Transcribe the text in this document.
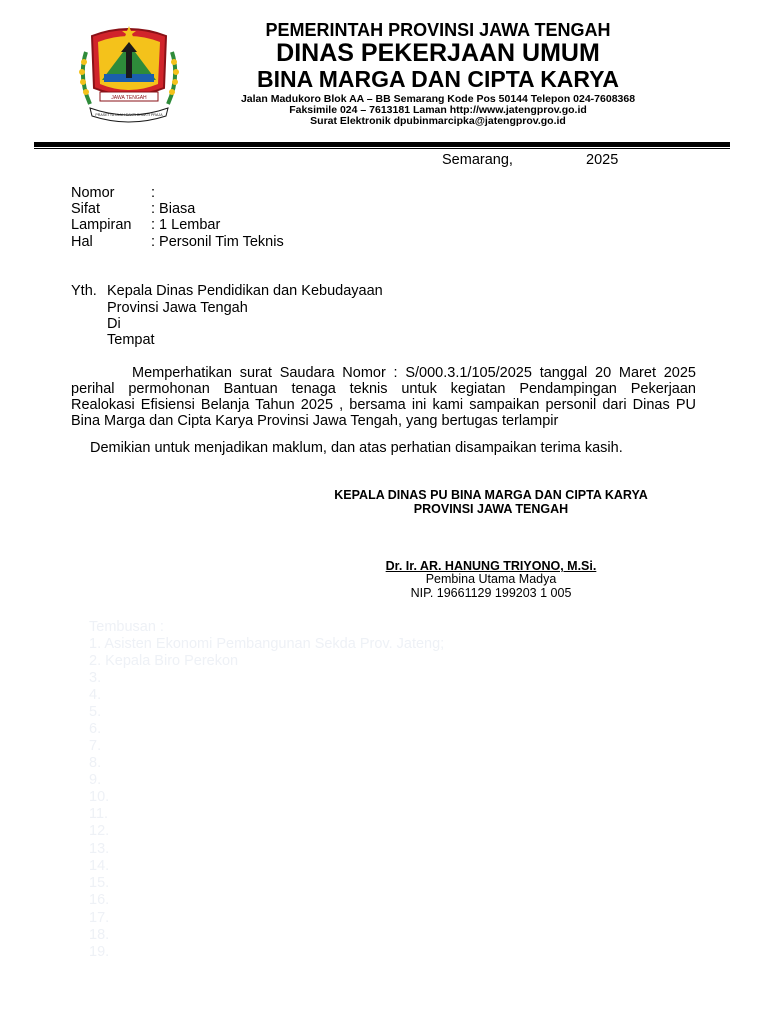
JAWA TENGAH
PRASETYA ULAH SAKTI BHAKTI PRAJA
PEMERINTAH PROVINSI JAWA TENGAH
DINAS PEKERJAAN UMUM
BINA MARGA DAN CIPTA KARYA
Jalan Madukoro Blok AA – BB Semarang Kode Pos 50144 Telepon 024-7608368
Faksimile 024 – 7613181 Laman http://www.jatengprov.go.id
Surat Elektronik dpubinmarcipka@jatengprov.go.id
Semarang,	2025
Nomor	:
Sifat	: Biasa
Lampiran : 1 Lembar
Hal	: Personil Tim Teknis
Yth. Kepala Dinas Pendidikan dan Kebudayaan
Provinsi Jawa Tengah
Di
Tempat
Memperhatikan surat Saudara Nomor : S/000.3.1/105/2025 tanggal 20 Maret 2025
perihal permohonan Bantuan tenaga teknis untuk kegiatan Pendampingan Pekerjaan
Realokasi Efisiensi Belanja Tahun 2025 , bersama ini kami sampaikan personil dari Dinas PU
Bina Marga dan Cipta Karya Provinsi Jawa Tengah, yang bertugas terlampir
Demikian untuk menjadikan maklum, dan atas perhatian disampaikan terima kasih.
KEPALA DINAS PU BINA MARGA DAN CIPTA KARYA
PROVINSI JAWA TENGAH
Dr. Ir. AR. HANUNG TRIYONO, M.Si.
Pembina Utama Madya
NIP. 19661129 199203 1 005
Tembusan :
1. Asisten Ekonomi Pembangunan Sekda Prov. Jateng;
2. Kepala Biro Perekon
3.
4.
5.
6.
7.
8.
9.
10.
11.
12.
13.
14.
15.
16.
17.
18.
19.
